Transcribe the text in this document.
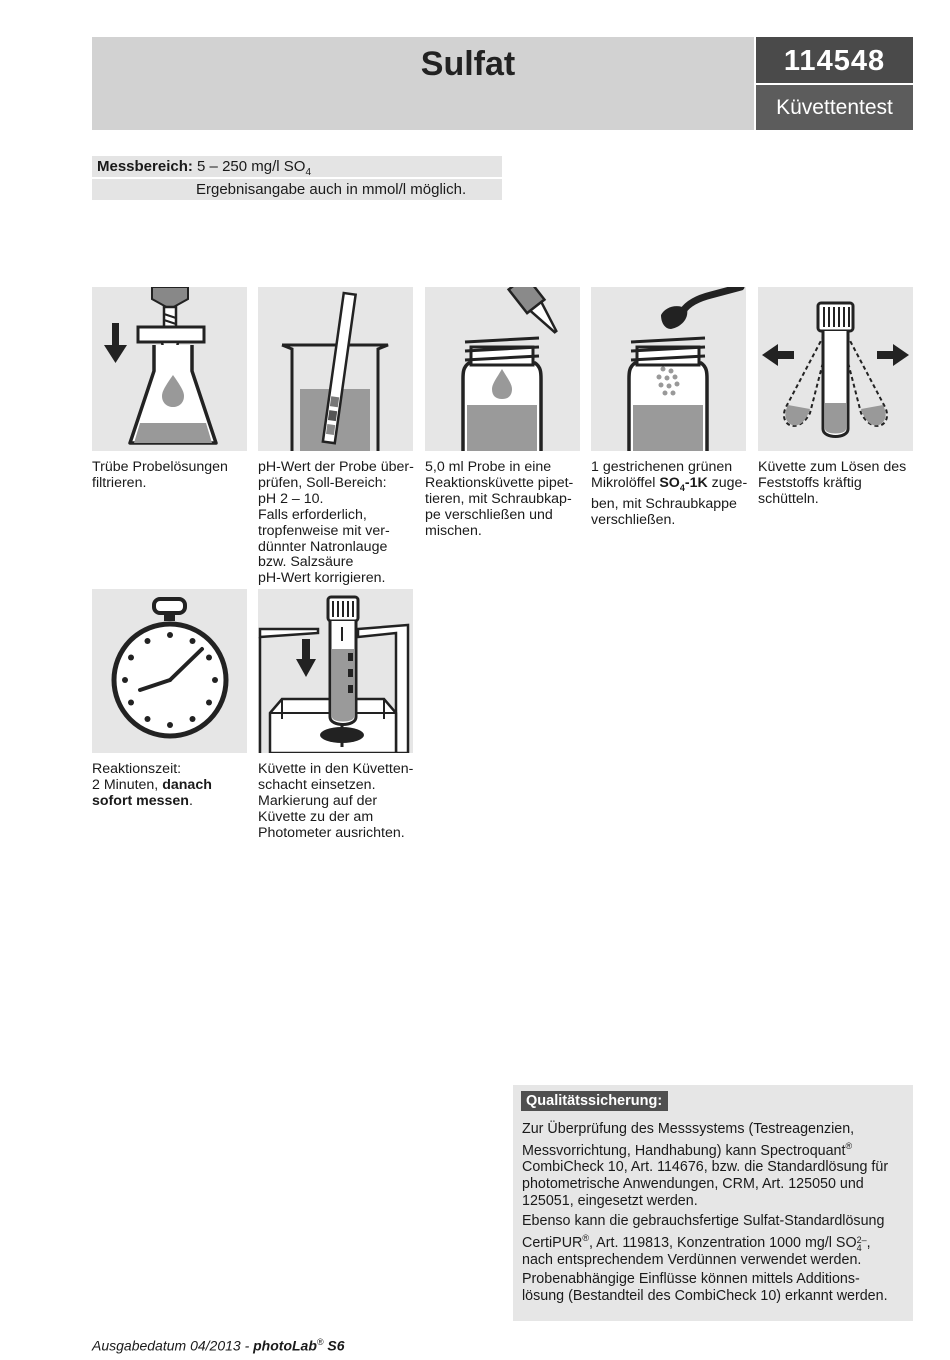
Sulfat	114548
Küvettentest
Messbereich: 5 – 250 mg/l $SO_4$
Ergebnisangabe auch in mmol/l möglich.
Trübe Probelösungen
filtrieren.
pH-Wert der Probe über-
prüfen, Soll-Bereich:
pH 2 – 10.
Falls erforderlich,
tropfenweise mit ver-
dünnter Natronlauge
bzw. Salzsäure
pH-Wert korrigieren.
5,0 ml Probe in eine
Reaktionsküvette pipet-
tieren, mit Schraubkap-
pe verschließen und
mischen.
1 gestrichenen grünen
Mikrolöffel $SO_4-1K$ zuge-
ben, mit Schraubkappe
verschließen.
Küvette zum Lösen des
Feststoffs kräftig
schütteln.
Reaktionszeit:
2 Minuten, danach
sofort messen.
Küvette in den Küvetten-
schacht einsetzen.
Markierung auf der
Küvette zu der am
Photometer ausrichten.
Qualitätssicherung:
Zur Überprüfung des Messsystems (Testreagenzien,
Messvorrichtung, Handhabung) kann Spectroquant®
CombiCheck 10, Art. 114676, bzw. die Standardlösung für
photometrische Anwendungen, CRM, Art. 125050 und
125051, eingesetzt werden.
Ebenso kann die gebrauchsfertige Sulfat-Standardlösung
CertiPUR®, Art. 119813, Konzentration 1000 mg/l SO 2–
4 ,
nach entsprechendem Verdünnen verwendet werden.
Probenabhängige Einflüsse können mittels Additions-
lösung (Bestandteil des CombiCheck 10) erkannt werden.
Ausgabedatum 04/2013 - photoLab® S6
